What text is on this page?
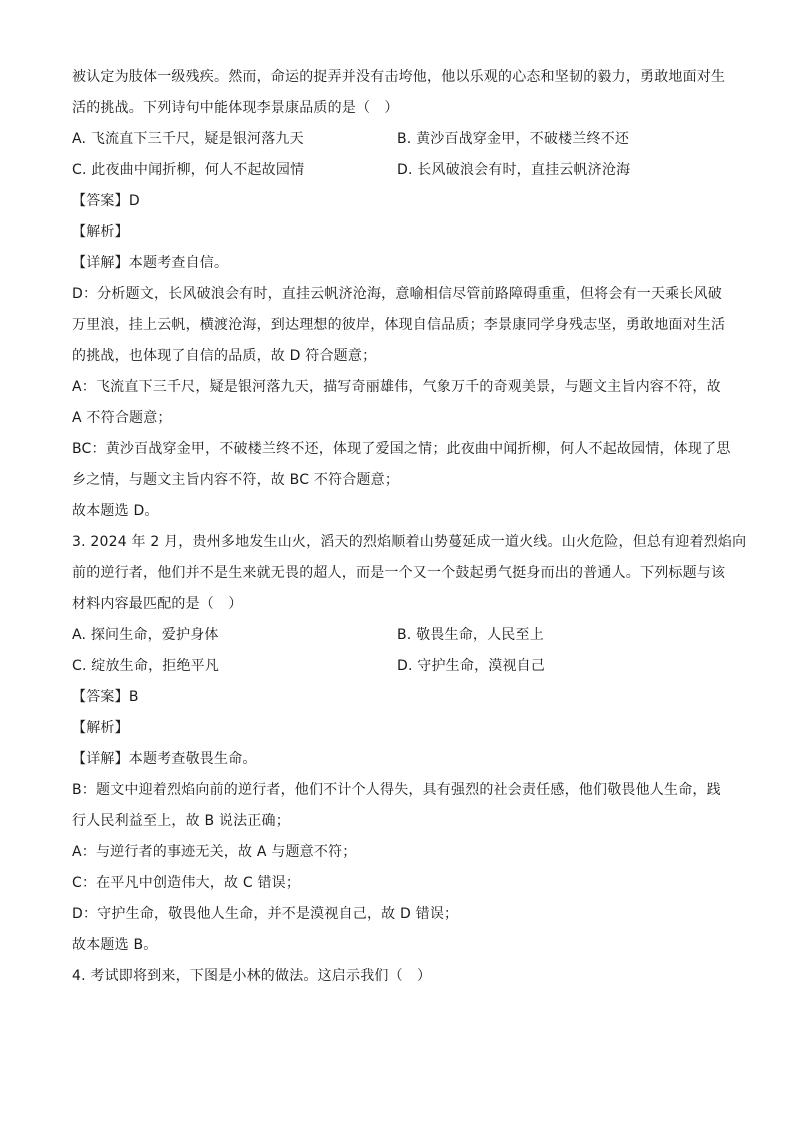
被认定为肢体一级残疾。然而，命运的捉弄并没有击垮他，他以乐观的心态和坚韧的毅力，勇敢地面对生
活的挑战。下列诗句中能体现李景康品质的是（　）
A. 飞流直下三千尺，疑是银河落九天	B. 黄沙百战穿金甲，不破楼兰终不还
C. 此夜曲中闻折柳，何人不起故园情	D. 长风破浪会有时，直挂云帆济沧海
【答案】D
【解析】
【详解】本题考查自信。
D：分析题文，长风破浪会有时，直挂云帆济沧海，意喻相信尽管前路障碍重重，但将会有一天乘长风破
万里浪，挂上云帆，横渡沧海，到达理想的彼岸，体现自信品质；李景康同学身残志坚，勇敢地面对生活
的挑战，也体现了自信的品质，故 D 符合题意；
A：飞流直下三千尺，疑是银河落九天，描写奇丽雄伟，气象万千的奇观美景，与题文主旨内容不符，故
A 不符合题意；
BC：黄沙百战穿金甲，不破楼兰终不还，体现了爱国之情；此夜曲中闻折柳，何人不起故园情，体现了思
乡之情，与题文主旨内容不符，故 BC 不符合题意；
故本题选 D。
3. 2024 年 2 月，贵州多地发生山火，滔天的烈焰顺着山势蔓延成一道火线。山火危险，但总有迎着烈焰向
前的逆行者，他们并不是生来就无畏的超人，而是一个又一个鼓起勇气挺身而出的普通人。下列标题与该
材料内容最匹配的是（　）
A. 探问生命，爱护身体	B. 敬畏生命，人民至上
C. 绽放生命，拒绝平凡	D. 守护生命，漠视自己
【答案】B
【解析】
【详解】本题考查敬畏生命。
B：题文中迎着烈焰向前的逆行者，他们不计个人得失，具有强烈的社会责任感，他们敬畏他人生命，践
行人民利益至上，故 B 说法正确；
A：与逆行者的事迹无关，故 A 与题意不符；
C：在平凡中创造伟大，故 C 错误；
D：守护生命，敬畏他人生命，并不是漠视自己，故 D 错误；
故本题选 B。
4. 考试即将到来，下图是小林的做法。这启示我们（　）
